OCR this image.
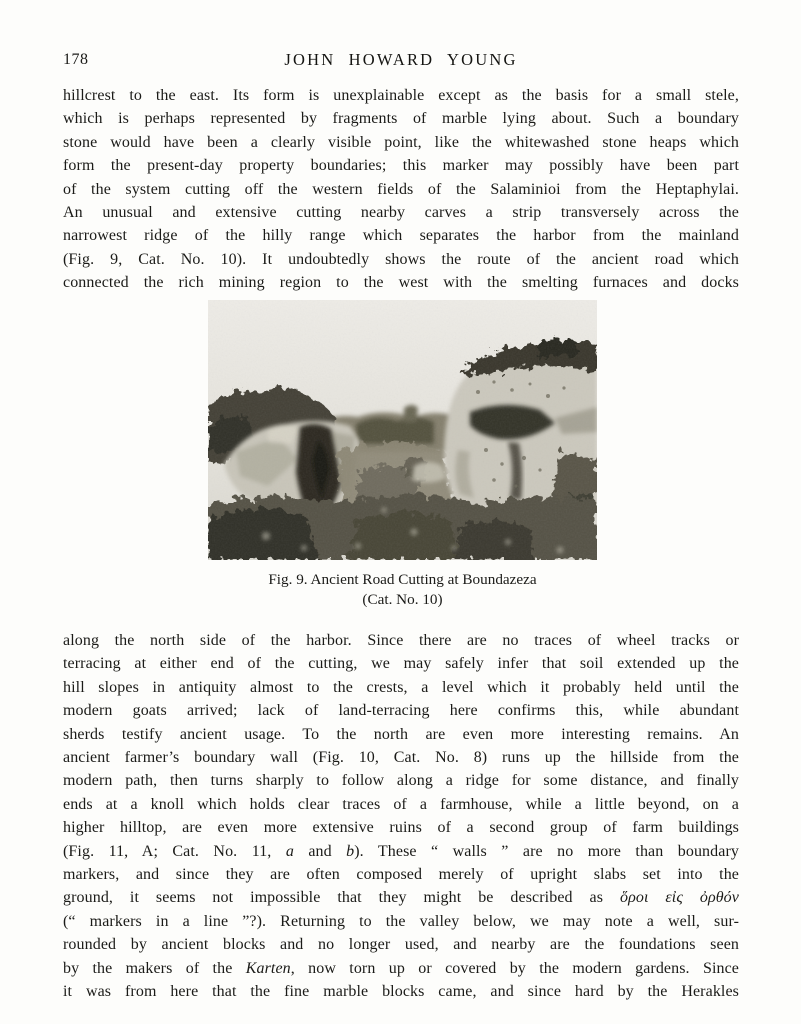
178	JOHN HOWARD YOUNG
hillcrest to the east. Its form is unexplainable except as the basis for a small stele,
which is perhaps represented by fragments of marble lying about. Such a boundary
stone would have been a clearly visible point, like the whitewashed stone heaps which
form the present-day property boundaries; this marker may possibly have been part
of the system cutting off the western fields of the Salaminioi from the Heptaphylai.
An unusual and extensive cutting nearby carves a strip transversely across the
narrowest ridge of the hilly range which separates the harbor from the mainland
(Fig. 9, Cat. No. 10). It undoubtedly shows the route of the ancient road which
connected the rich mining region to the west with the smelting furnaces and docks
Fig. 9. Ancient Road Cutting at Boundazeza
(Cat. No. 10)
along the north side of the harbor. Since there are no traces of wheel tracks or
terracing at either end of the cutting, we may safely infer that soil extended up the
hill slopes in antiquity almost to the crests, a level which it probably held until the
modern goats arrived; lack of land-terracing here confirms this, while abundant
sherds testify ancient usage. To the north are even more interesting remains. An
ancient farmer’s boundary wall (Fig. 10, Cat. No. 8) runs up the hillside from the
modern path, then turns sharply to follow along a ridge for some distance, and finally
ends at a knoll which holds clear traces of a farmhouse, while a little beyond, on a
higher hilltop, are even more extensive ruins of a second group of farm buildings
(Fig. 11, A; Cat. No. 11, a and b). These “ walls ” are no more than boundary
markers, and since they are often composed merely of upright slabs set into the
ground, it seems not impossible that they might be described as ὅροι εἰς ὀρθόν
(“ markers in a line ”?). Returning to the valley below, we may note a well, sur-
rounded by ancient blocks and no longer used, and nearby are the foundations seen
by the makers of the Karten, now torn up or covered by the modern gardens. Since
it was from here that the fine marble blocks came, and since hard by the Herakles
